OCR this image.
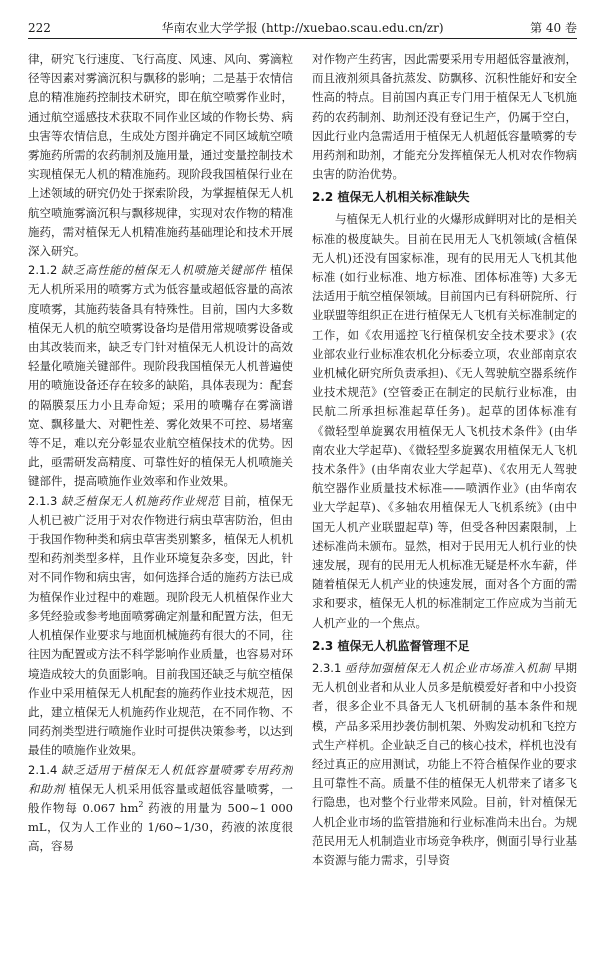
222	华南农业大学学报 (http://xuebao.scau.edu.cn/zr)	第 40 卷

律，研究飞行速度、飞行高度、风速、风向、雾滴粒径等因素对雾滴沉积与飘移的影响；二是基于农情信息的精准施药控制技术研究，即在航空喷雾作业时，通过航空遥感技术获取不同作业区域的作物长势、病虫害等农情信息，生成处方图并确定不同区域航空喷雾施药所需的农药制剂及施用量，通过变量控制技术实现植保无人机的精准施药。现阶段我国植保行业在上述领域的研究仍处于探索阶段，为掌握植保无人机航空喷施雾滴沉积与飘移规律，实现对农作物的精准施药，需对植保无人机精准施药基础理论和技术开展深入研究。

2.1.2 缺乏高性能的植保无人机喷施关键部件 植保无人机所采用的喷雾方式为低容量或超低容量的高浓度喷雾，其施药装备具有特殊性。目前，国内大多数植保无人机的航空喷雾设备均是借用常规喷雾设备或由其改装而来，缺乏专门针对植保无人机设计的高效轻量化喷施关键部件。现阶段我国植保无人机普遍使用的喷施设备还存在较多的缺陷，具体表现为：配套的隔膜泵压力小且寿命短；采用的喷嘴存在雾滴谱宽、飘移量大、对靶性差、雾化效果不可控、易堵塞等不足，难以充分彰显农业航空植保技术的优势。因此，亟需研发高精度、可靠性好的植保无人机喷施关键部件，提高喷施作业效率和作业效果。

2.1.3 缺乏植保无人机施药作业规范 目前，植保无人机已被广泛用于对农作物进行病虫草害防治，但由于我国作物种类和病虫草害类别繁多，植保无人机机型和药剂类型多样，且作业环境复杂多变，因此，针对不同作物和病虫害，如何选择合适的施药方法已成为植保作业过程中的难题。现阶段无人机植保作业大多凭经验或参考地面喷雾确定剂量和配置方法，但无人机植保作业要求与地面机械施药有很大的不同，往往因为配置或方法不科学影响作业质量，也容易对环境造成较大的负面影响。目前我国还缺乏与航空植保作业中采用植保无人机配套的施药作业技术规范，因此，建立植保无人机施药作业规范，在不同作物、不同药剂类型进行喷施作业时可提供决策参考，以达到最佳的喷施作业效果。

2.1.4 缺乏适用于植保无人机低容量喷雾专用药剂和助剂 植保无人机采用低容量或超低容量喷雾，一般作物每 0.067 $hm^2$ 药液的用量为 500~1 000 mL，仅为人工作业的 1/60~1/30，药液的浓度很高，容易

对作物产生药害，因此需要采用专用超低容量液剂，而且液剂须具备抗蒸发、防飘移、沉积性能好和安全性高的特点。目前国内真正专门用于植保无人飞机施药的农药制剂、助剂还没有登记生产，仍属于空白，因此行业内急需适用于植保无人机超低容量喷雾的专用药剂和助剂，才能充分发挥植保无人机对农作物病虫害的防治优势。

2.2 植保无人机相关标准缺失

与植保无人机行业的火爆形成鲜明对比的是相关标准的极度缺失。目前在民用无人飞机领域(含植保无人机)还没有国家标准，现有的民用无人飞机其他标准 (如行业标准、地方标准、团体标准等) 大多无法适用于航空植保领域。目前国内已有科研院所、行业联盟等组织正在进行植保无人飞机有关标准制定的工作，如《农用遥控飞行植保机安全技术要求》(农业部农业行业标准农机化分标委立项，农业部南京农业机械化研究所负责承担)、《无人驾驶航空器系统作业技术规范》(空管委正在制定的民航行业标准，由民航二所承担标准起草任务)。起草的团体标准有《微轻型单旋翼农用植保无人飞机技术条件》(由华南农业大学起草)、《微轻型多旋翼农用植保无人飞机技术条件》(由华南农业大学起草)、《农用无人驾驶航空器作业质量技术标准——喷洒作业》(由华南农业大学起草)、《多轴农用植保无人飞机系统》(由中国无人机产业联盟起草) 等，但受各种因素限制，上述标准尚未颁布。显然，相对于民用无人机行业的快速发展，现有的民用无人机标准无疑是杯水车薪，伴随着植保无人机产业的快速发展，面对各个方面的需求和要求，植保无人机的标准制定工作应成为当前无人机产业的一个焦点。

2.3 植保无人机监督管理不足

2.3.1 亟待加强植保无人机企业市场准入机制 早期无人机创业者和从业人员多是航模爱好者和中小投资者，很多企业不具备无人飞机研制的基本条件和规模，产品多采用抄袭仿制机架、外购发动机和飞控方式生产样机。企业缺乏自己的核心技术，样机也没有经过真正的应用测试，功能上不符合植保作业的要求且可靠性不高。质量不佳的植保无人机带来了诸多飞行隐患，也对整个行业带来风险。目前，针对植保无人机企业市场的监管措施和行业标准尚未出台。为规范民用无人机制造业市场竞争秩序，侧面引导行业基本资源与能力需求，引导资
